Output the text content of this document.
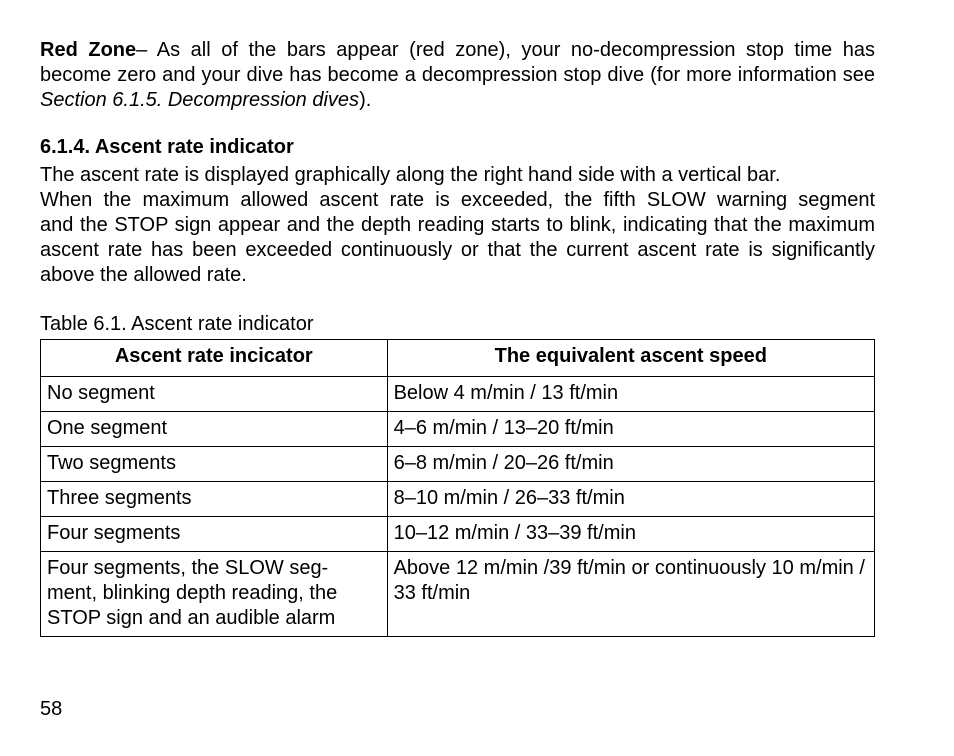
Red Zone– As all of the bars appear (red zone), your no-decompression stop time has become zero and your dive has become a decompression stop dive (for more information see Section 6.1.5. Decompression dives).

6.1.4. Ascent rate indicator

The ascent rate is displayed graphically along the right hand side with a vertical bar.

When the maximum allowed ascent rate is exceeded, the fifth SLOW warning segment

and the STOP sign appear and the depth reading starts to blink, indicating that the maximum ascent rate has been exceeded continuously or that the current ascent rate is significantly above the allowed rate.

Table 6.1. Ascent rate indicator
Ascent rate incicator	The equivalent ascent speed
No segment	Below 4 m/min / 13 ft/min
One segment	4–6 m/min / 13–20 ft/min
Two segments	6–8 m/min / 20–26 ft/min
Three segments	8–10 m/min / 26–33 ft/min
Four segments	10–12 m/min / 33–39 ft/min
Four segments, the SLOW seg- ment, blinking depth reading, the STOP sign and an audible alarm	Above 12 m/min /39 ft/min or continuously 10 m/min / 33 ft/min
58
